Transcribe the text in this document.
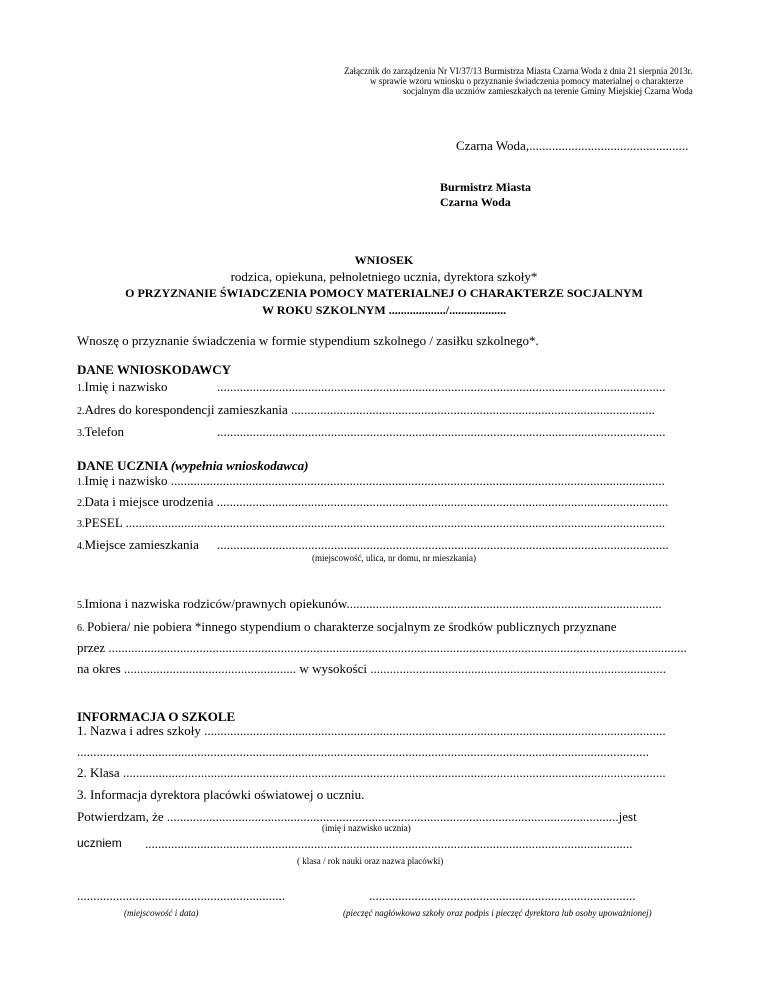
Załącznik do zarządzenia Nr VI/37/13 Burmistrza Miasta Czarna Woda z dnia 21 sierpnia 2013r.
w sprawie wzoru wniosku o przyznanie świadczenia pomocy materialnej o charakterze
socjalnym dla uczniów zamieszkałych na terenie Gminy Miejskiej Czarna Woda
Czarna Woda,.................................................
Burmistrz Miasta
Czarna Woda
WNIOSEK
rodzica, opiekuna, pełnoletniego ucznia, dyrektora szkoły*
O PRZYZNANIE ŚWIADCZENIA POMOCY MATERIALNEJ O CHARAKTERZE SOCJALNYM
W ROKU SZKOLNYM .................../...................
Wnoszę o przyznanie świadczenia w formie stypendium szkolnego / zasiłku szkolnego*.
DANE WNIOSKODAWCY
1.Imię i nazwisko	..........................................................................................................................................
2.Adres do korespondencji zamieszkania ................................................................................................................
3.Telefon	..........................................................................................................................................
DANE UCZNIA (wypełnia wnioskodawca)
1.Imię i nazwisko ........................................................................................................................................................
2.Data i miejsce urodzenia ...........................................................................................................................................
3.PESEL ......................................................................................................................................................................
4.Miejsce zamieszkania ...........................................................................................................................................
(miejscowość, ulica, nr domu, nr mieszkania)
5.Imiona i nazwiska rodziców/prawnych opiekunów.................................................................................................
6. Pobiera/ nie pobiera *innego stypendium o charakterze socjalnym ze środków publicznych przyznane
przez ..................................................................................................................................................................................
na okres ..................................................... w wysokości ...........................................................................................
INFORMACJA O SZKOLE
1. Nazwa i adres szkoły ..............................................................................................................................................
................................................................................................................................................................................
2. Klasa .......................................................................................................................................................................
3. Informacja dyrektora placówki oświatowej o uczniu.
Potwierdzam, że ...........................................................................................................................................jest
(imię i nazwisko ucznia)
uczniem ......................................................................................................................................................
( klasa / rok nauki oraz nazwa placówki)
................................................................
(miejscowość i data)
..................................................................................
(pieczęć nagłówkowa szkoły oraz podpis i pieczęć dyrektora lub osoby upoważnionej)
